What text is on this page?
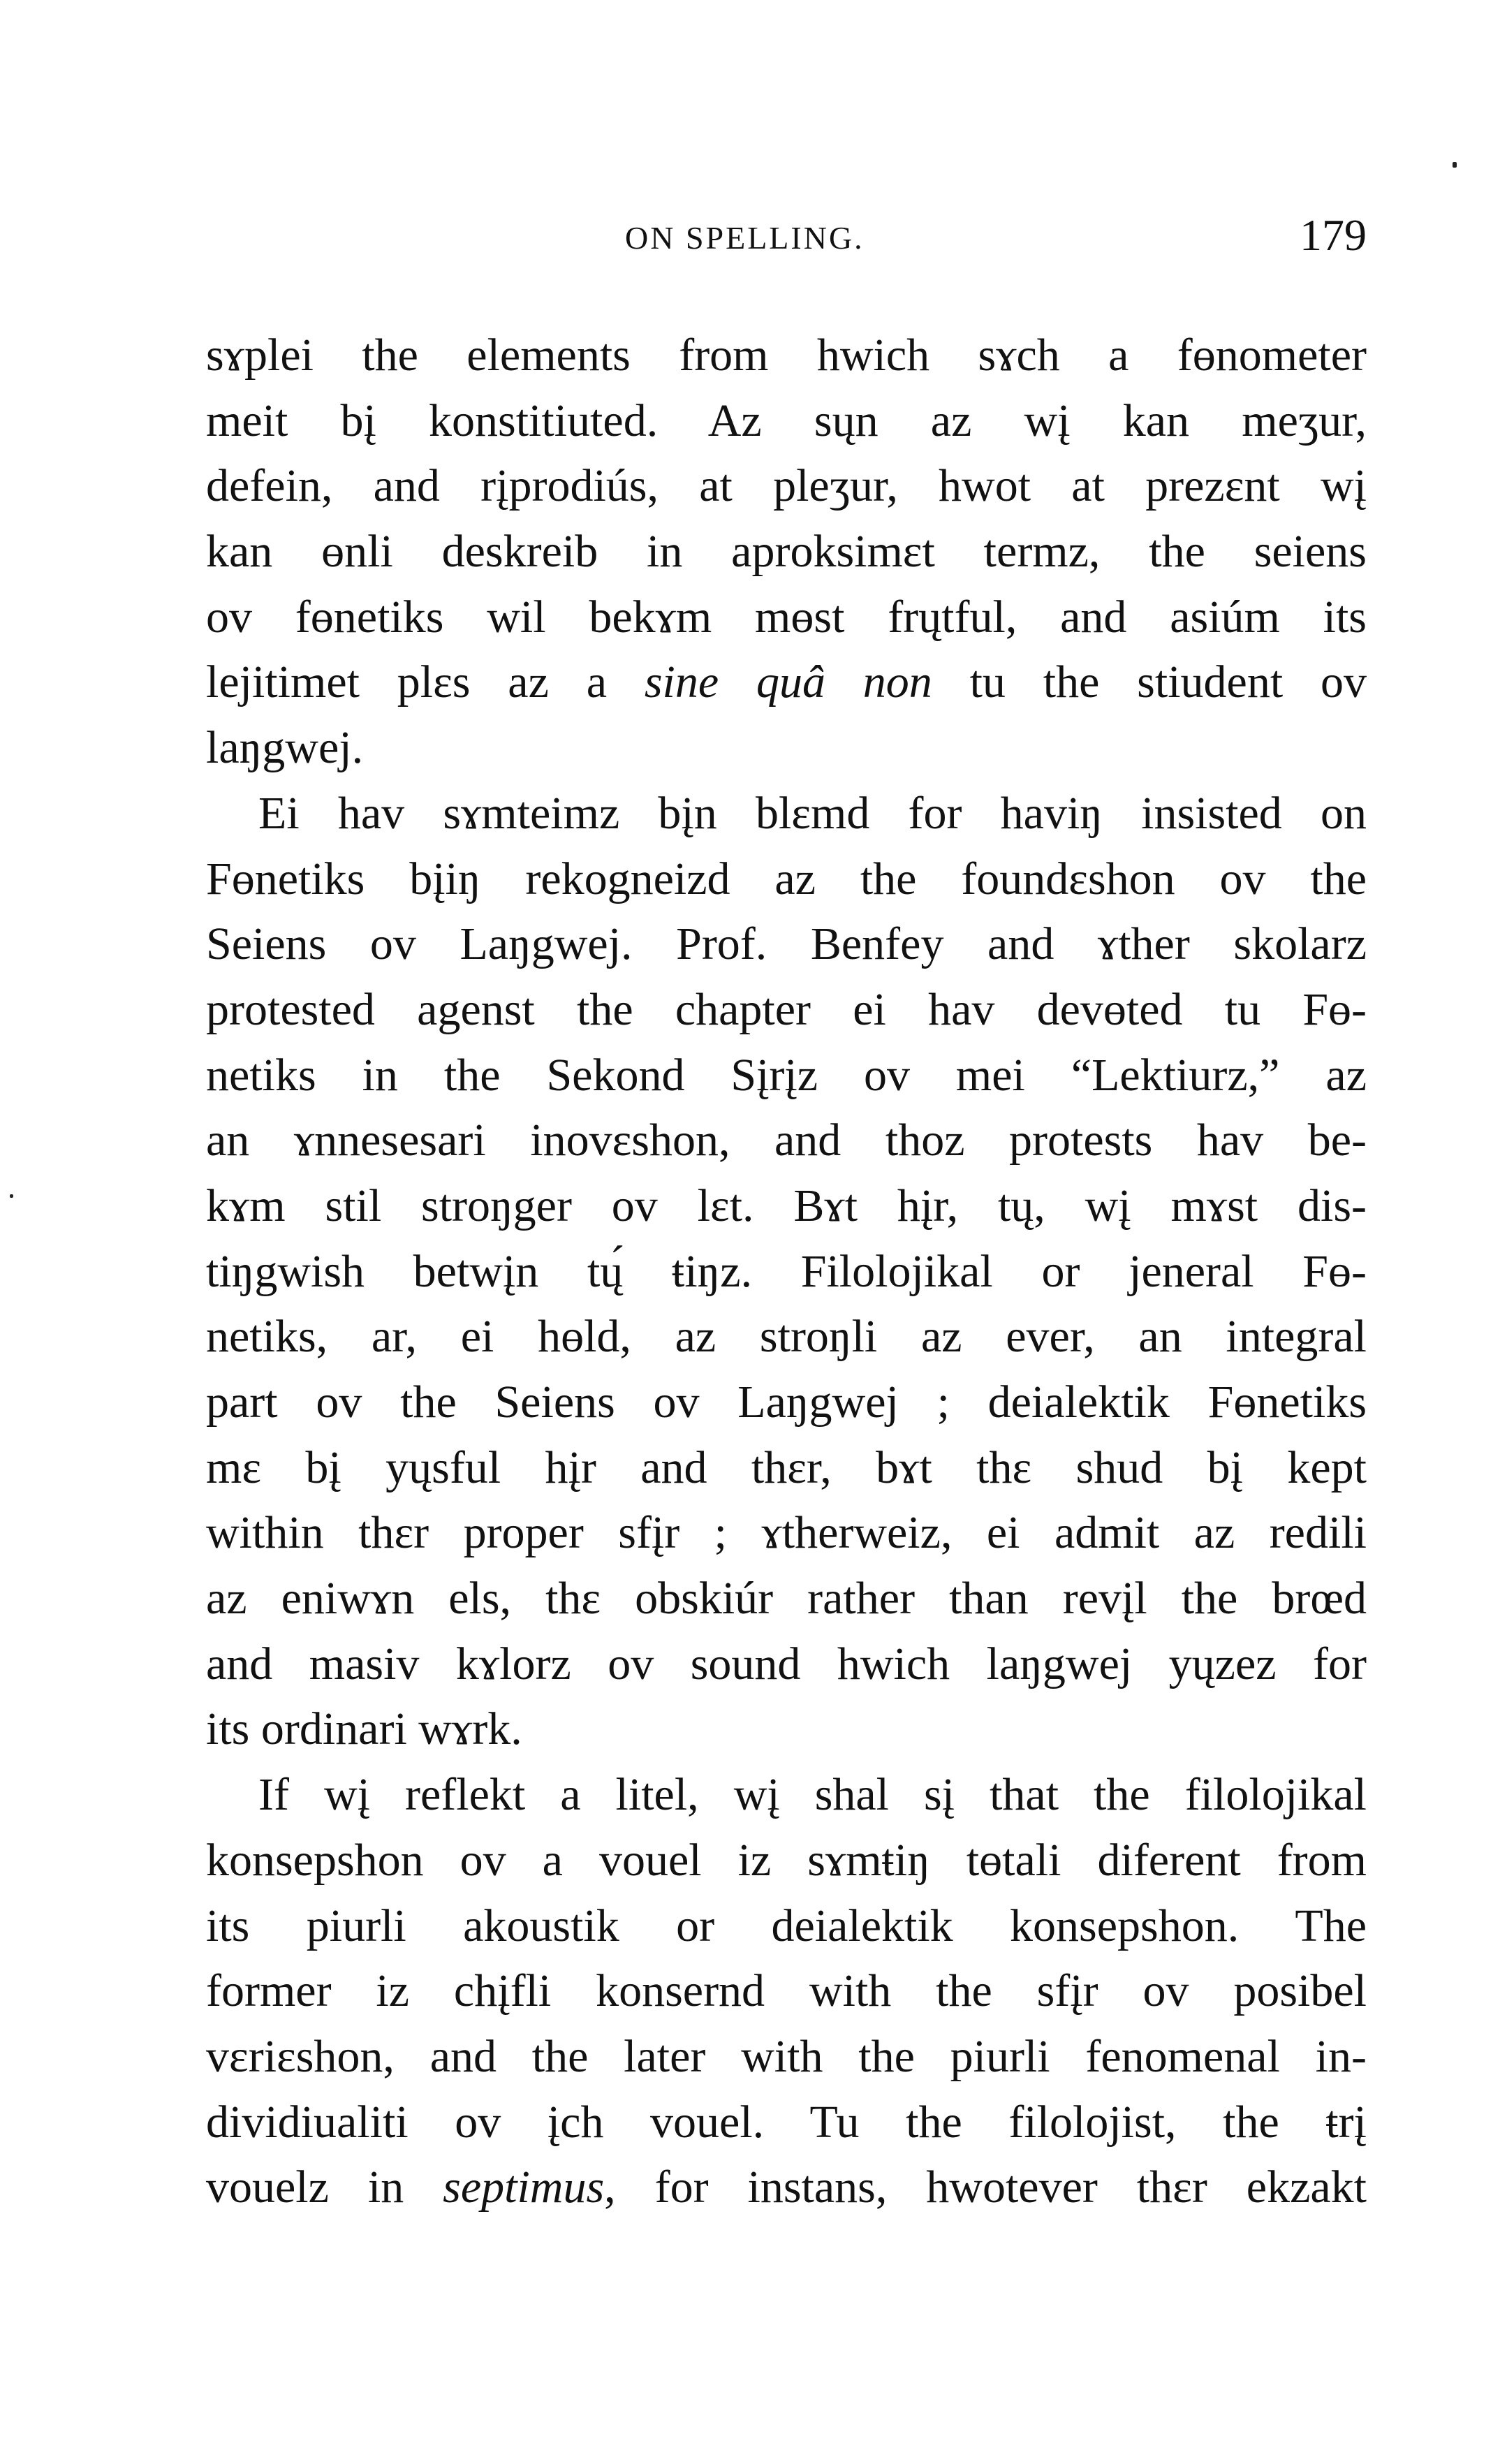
ON SPELLING.	179
sɤplei the elements from hwich sɤch a fɵnometer
meit bį konstitiuted. Az sųn az wį kan meʒur,
defein, and rįprodiús, at pleʒur, hwot at prezɛnt wį
kan ɵnli deskreib in aproksimɛt termz, the seiens
ov fɵnetiks wil bekɤm mɵst frųtful, and asiúm its
lejitimet plɛs az a sine quâ non tu the stiudent ov
laŋgwej.
Ei hav sɤmteimz bįn blɛmd for haviŋ insisted on
Fɵnetiks bįiŋ rekogneizd az the foundɛshon ov the
Seiens ov Laŋgwej. Prof. Benfey and ɤther skolarz
protested agenst the chapter ei hav devɵted tu Fɵ-
netiks in the Sekond Sįrįz ov mei “Lektiurz,” az
an ɤnnesesari inovɛshon, and thoz protests hav be-
kɤm stil stroŋger ov lɛt. Bɤt hįr, tų, wį mɤst dis-
tiŋgwish betwįn tų́ ŧiŋz. Filolojikal or jeneral Fɵ-
netiks, ar, ei hɵld, az stroŋli az ever, an integral
part ov the Seiens ov Laŋgwej ; deialektik Fɵnetiks
mɛ bį yųsful hįr and thɛr, bɤt thɛ shud bį kept
within thɛr proper sfįr ; ɤtherweiz, ei admit az redili
az eniwɤn els, thɛ obskiúr rather than revįl the brœd
and masiv kɤlorz ov sound hwich laŋgwej yųzez for
its ordinari wɤrk.
If wį reflekt a litel, wį shal sį that the filolojikal
konsepshon ov a vouel iz sɤmŧiŋ tɵtali diferent from
its piurli akoustik or deialektik konsepshon. The
former iz chįfli konsernd with the sfįr ov posibel
vɛriɛshon, and the later with the piurli fenomenal in-
dividiualiti ov įch vouel. Tu the filolojist, the ŧrį
vouelz in septimus, for instans, hwotever thɛr ekzakt
